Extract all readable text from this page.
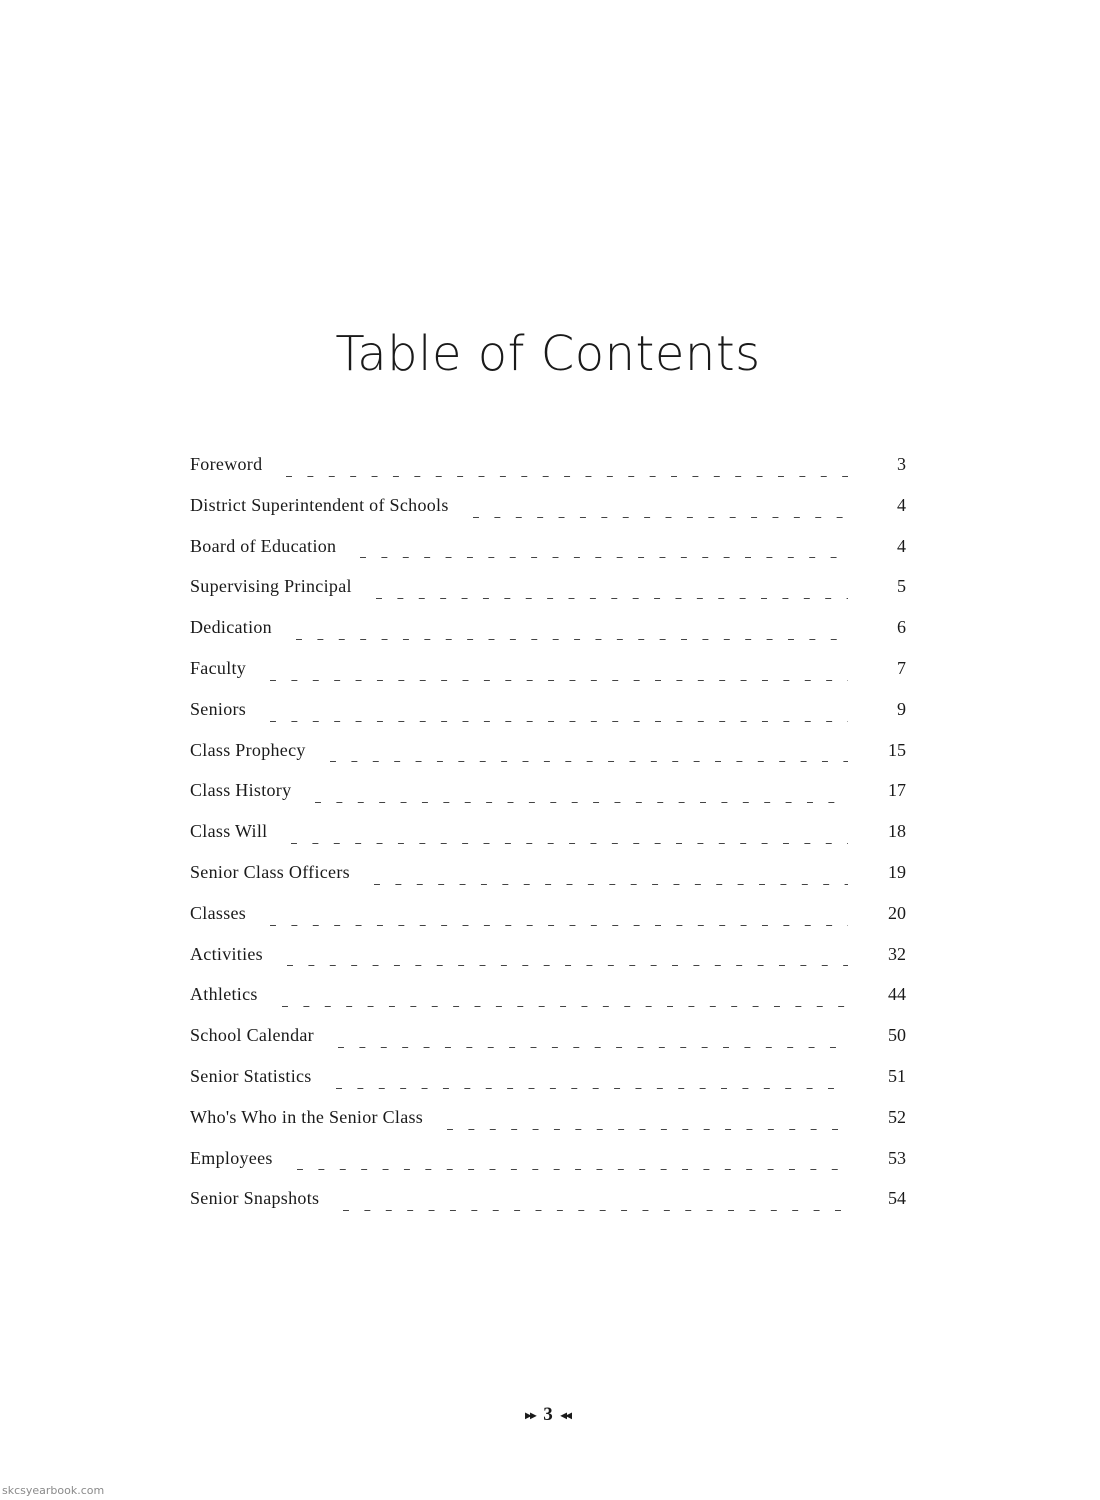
Table of Contents
Foreword	3
District Superintendent of Schools	4
Board of Education	4
Supervising Principal	5
Dedication	6
Faculty	7
Seniors	9
Class Prophecy	15
Class History	17
Class Will	18
Senior Class Officers	19
Classes	20
Activities	32
Athletics	44
School Calendar	50
Senior Statistics	51
Who's Who in the Senior Class	52
Employees	53
Senior Snapshots	54
▸▸ 3 ◂◂
skcsyearbook.com
